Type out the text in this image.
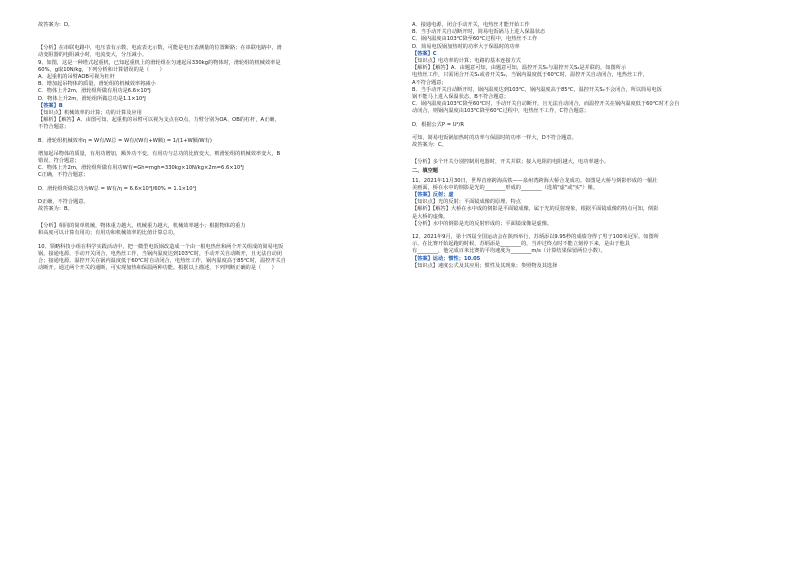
故答案为：D。

【分析】在串联电路中，电压表有示数，电流表无示数，可能是电压表测量的位置断路；在串联电路中，滑

动变阻器的电阻减小时，电流变大，分压减小。

9、如图，这是一种塔式起重机，已知起重机上的滑轮组在匀速起吊330kg的物体时，滑轮组的机械效率是

60%，g取10N/kg，下列分析和计算错误的是（　　）

A．起重机的吊臂AOB可视为杠杆

B．增加起吊物体的质量，滑轮组的机械效率将减小

C．物体上升2m，滑轮组所做有用功是6.6×10³J

D．物体上升2m，滑轮组所做总功是1.1×10⁴J

【答案】B

【知识点】机械效率的计算；功的计算及应用

【解析】【解答】A．由图可知，起重机的吊臂可以视为支点在O点，力臂分别为OA、OB的杠杆，A正确，

不符合题意；

B．滑轮组机械效率η = W有/W总 = W有/(W有+W额) = 1/(1+W额/W有)

增加起吊物体的质量，有用功增加，额外功不变，有用功与总功的比值变大，则滑轮组的机械效率变大，B

错误，符合题意；

C．物体上升2m，滑轮组所做有用功W有=Gh=mgh=330kg×10N/kg×2m=6.6×10³J

C正确，不符合题意；

D．滑轮组所做总功为W总 = W有/η = 6.6×10³J/60% = 1.1×10⁴J

D正确，不符合题意。

故答案为：B。

【分析】相同的简单机械，物体重力越大，机械重力越大，机械效率越小；根据物体的重力

和高度可以计算有用功；有用功和机械效率的比值计算总功。

10、领略科技小组在科学实践活动中，把一微型电饭锅改造成一个由一根电热丝和两个开关组成的简易电饭

锅。接通电源，手动开关闭合，电热丝工作，当锅内温度达到103℃时，手动开关自动断开，且无法自动闭

合；接通电源，温控开关在锅内温度低于60℃时自动闭合，电热丝工作，锅内温度高于85℃时，温控开关自

动断开。通过两个开关的通断，可实现加热和保温两种功能。根据以上描述，下列判断正确的是（　　）

A．接通电源，闭合手动开关，电热丝才能开始工作

B．当手动开关自动断开时，简易电饭锅马上进入保温状态

C．锅内温度由103℃降至60℃过程中，电热丝不工作

D．简易电饭锅加热时的功率大于保温时的功率

【答案】C

【知识点】电功率的计算；电路的基本连接方式

【解析】【解答】A．由题意可知，由题意可知，温控开关S₁与温控开关S₂是并联的，如图所示

电热丝工作，只需闭合开关S₁或者开关S₂，当锅内温度低于60℃时，温控开关自动闭合，电热丝工作，

A不符合题意；

B．当手动开关自动断开时，锅内温度达到103℃，锅内温度高于85℃，温控开关S₂不会闭合，所以简易电饭

锅不能马上进入保温状态，B不符合题意；

C．锅内温度由103℃降至60℃时，手动开关自动断开，且无法自动闭合，而温控开关在锅内温度低于60℃时才会自

动闭合，则锅内温度由103℃降至60℃过程中，电热丝不工作，C符合题意；

D．根据公式P = U²/R

可知，简易电饭锅加热时的功率与保温时的功率一样大，D不符合题意。

故答案为：C。

【分析】多个开关分别控制用电器时，开关并联；接入电阻的电阻越大，电功率越小。

二、填空题

11、2021年11月30日，世界首座跨海高铁——泉州湾跨海大桥合龙成功。如图是大桥与倒影形成的一幅壮

美画面，桥在水中的倒影是光的________形成的________（选填"虚"或"实"）像。

【答案】反射；虚

【知识点】光的反射；平面镜成像的原理、特点

【解析】【解答】大桥在水中成的倒影是平面镜成像，属于光的反射现象，根据平面镜成像的特点可知，倒影

是大桥的虚像。

【分析】水中的倒影是光的反射形成的；平面镜成像是虚像。

12、2021年9月，第十四届全国运动会在陕西举行，苏炳添以9.95秒的成绩夺得了男子100米冠军。如图所

示，在比赛开始起跑的时候，苏炳添是________的，当冲过终点时不能立刻停下来，是由于他具

有________，他完成百米比赛的平均速度为________m/s（计算结果保留两位小数）。

【答案】运动；惯性；10.05

【知识点】速度公式及其应用；惯性及其现象；参照物及其选择
